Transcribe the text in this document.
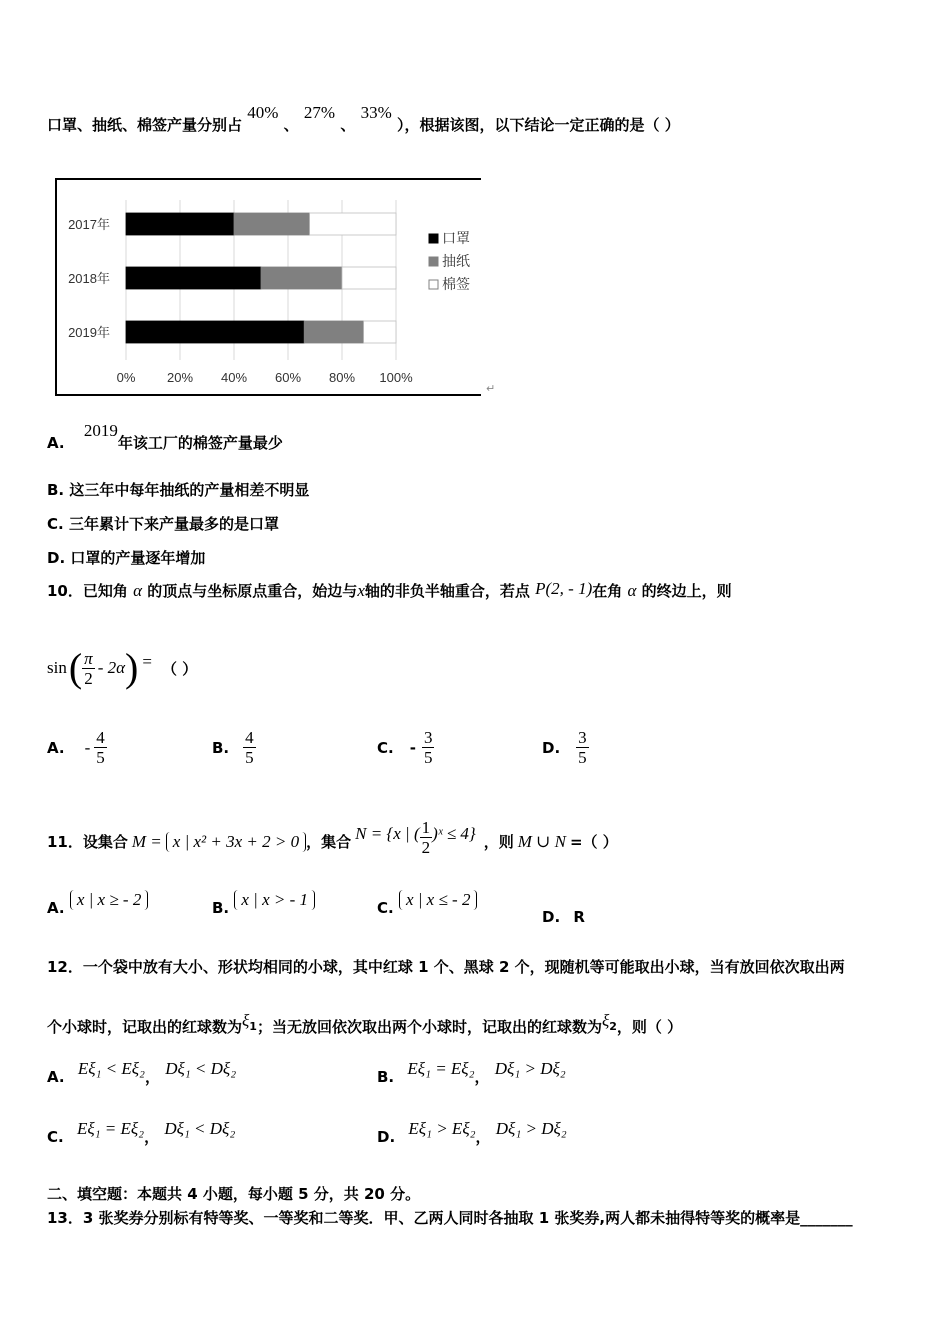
口罩、抽纸、棉签产量分别占 40% 、 27% 、 33% ），根据该图，以下结论一定正确的是（ ）
0% 20% 40% 60% 80% 100%
2017年
2018年
2019年
口罩
抽纸
棉签
↵
A. 2019年该工厂的棉签产量最少
B. 这三年中每年抽纸的产量相差不明显
C. 三年累计下来产量最多的是口罩
D. 口罩的产量逐年增加
10．已知角 α 的顶点与坐标原点重合，始边与x轴的非负半轴重合，若点 P(2, - 1)在角 α 的终边上，则
sin ( $\frac{\pi}{2} - 2\alpha$ ) = （ ）
A. - $\frac{4}{5}$	B. $\frac{4}{5}$	C. - $\frac{3}{5}$	D. $\frac{3}{5}$
11． 设集合 M = x | x² + 3x + 2 > 0 ，集合 N = {x | ( $\frac{1}{2}$ )ˣ ≤ 4} ，则 M ∪ N =（ ）
A. x | x ≥ - 2	B. x | x > - 1	C. x | x ≤ - 2
D. R
12．一个袋中放有大小、形状均相同的小球，其中红球 1 个、黑球 2 个，现随机等可能取出小球，当有放回依次取出两
个小球时，记取出的红球数为ξ1；当无放回依次取出两个小球时，记取出的红球数为ξ2，则（ ）
A. Eξ₁ < Eξ₂， Dξ₁ < Dξ₂	B. Eξ₁ = Eξ₂， Dξ₁ > Dξ₂
C. Eξ₁ = Eξ₂， Dξ₁ < Dξ₂	D. Eξ₁ > Eξ₂， Dξ₁ > Dξ₂
二、填空题：本题共 4 小题，每小题 5 分，共 20 分。
13．3 张奖券分别标有特等奖、一等奖和二等奖．甲、乙两人同时各抽取 1 张奖券,两人都未抽得特等奖的概率是_______
